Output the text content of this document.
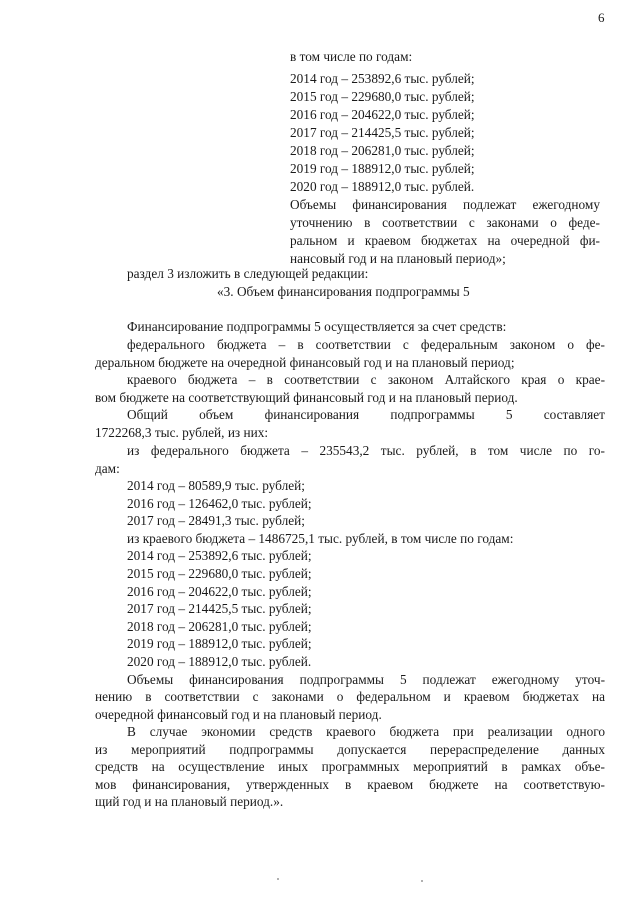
6
в том числе по годам:
2014 год – 253892,6 тыс. рублей;
2015 год – 229680,0 тыс. рублей;
2016 год – 204622,0 тыс. рублей;
2017 год – 214425,5 тыс. рублей;
2018 год – 206281,0 тыс. рублей;
2019 год – 188912,0 тыс. рублей;
2020 год – 188912,0 тыс. рублей.
Объемы финансирования подлежат ежегодному
уточнению в соответствии с законами о феде-
ральном и краевом бюджетах на очередной фи-
нансовый год и на плановый период»;
раздел 3 изложить в следующей редакции:
«3. Объем финансирования подпрограммы 5
Финансирование подпрограммы 5 осуществляется за счет средств:
федерального бюджета – в соответствии с федеральным законом о фе-
деральном бюджете на очередной финансовый год и на плановый период;
краевого бюджета – в соответствии с законом Алтайского края о крае-
вом бюджете на соответствующий финансовый год и на плановый период.
Общий объем финансирования подпрограммы 5 составляет
1722268,3 тыс. рублей, из них:
из федерального бюджета – 235543,2 тыс. рублей, в том числе по го-
дам:
2014 год – 80589,9 тыс. рублей;
2016 год – 126462,0 тыс. рублей;
2017 год – 28491,3 тыс. рублей;
из краевого бюджета – 1486725,1 тыс. рублей, в том числе по годам:
2014 год – 253892,6 тыс. рублей;
2015 год – 229680,0 тыс. рублей;
2016 год – 204622,0 тыс. рублей;
2017 год – 214425,5 тыс. рублей;
2018 год – 206281,0 тыс. рублей;
2019 год – 188912,0 тыс. рублей;
2020 год – 188912,0 тыс. рублей.
Объемы финансирования подпрограммы 5 подлежат ежегодному уточ-
нению в соответствии с законами о федеральном и краевом бюджетах на
очередной финансовый год и на плановый период.
В случае экономии средств краевого бюджета при реализации одного
из мероприятий подпрограммы допускается перераспределение данных
средств на осуществление иных программных мероприятий в рамках объе-
мов финансирования, утвержденных в краевом бюджете на соответствую-
щий год и на плановый период.».
